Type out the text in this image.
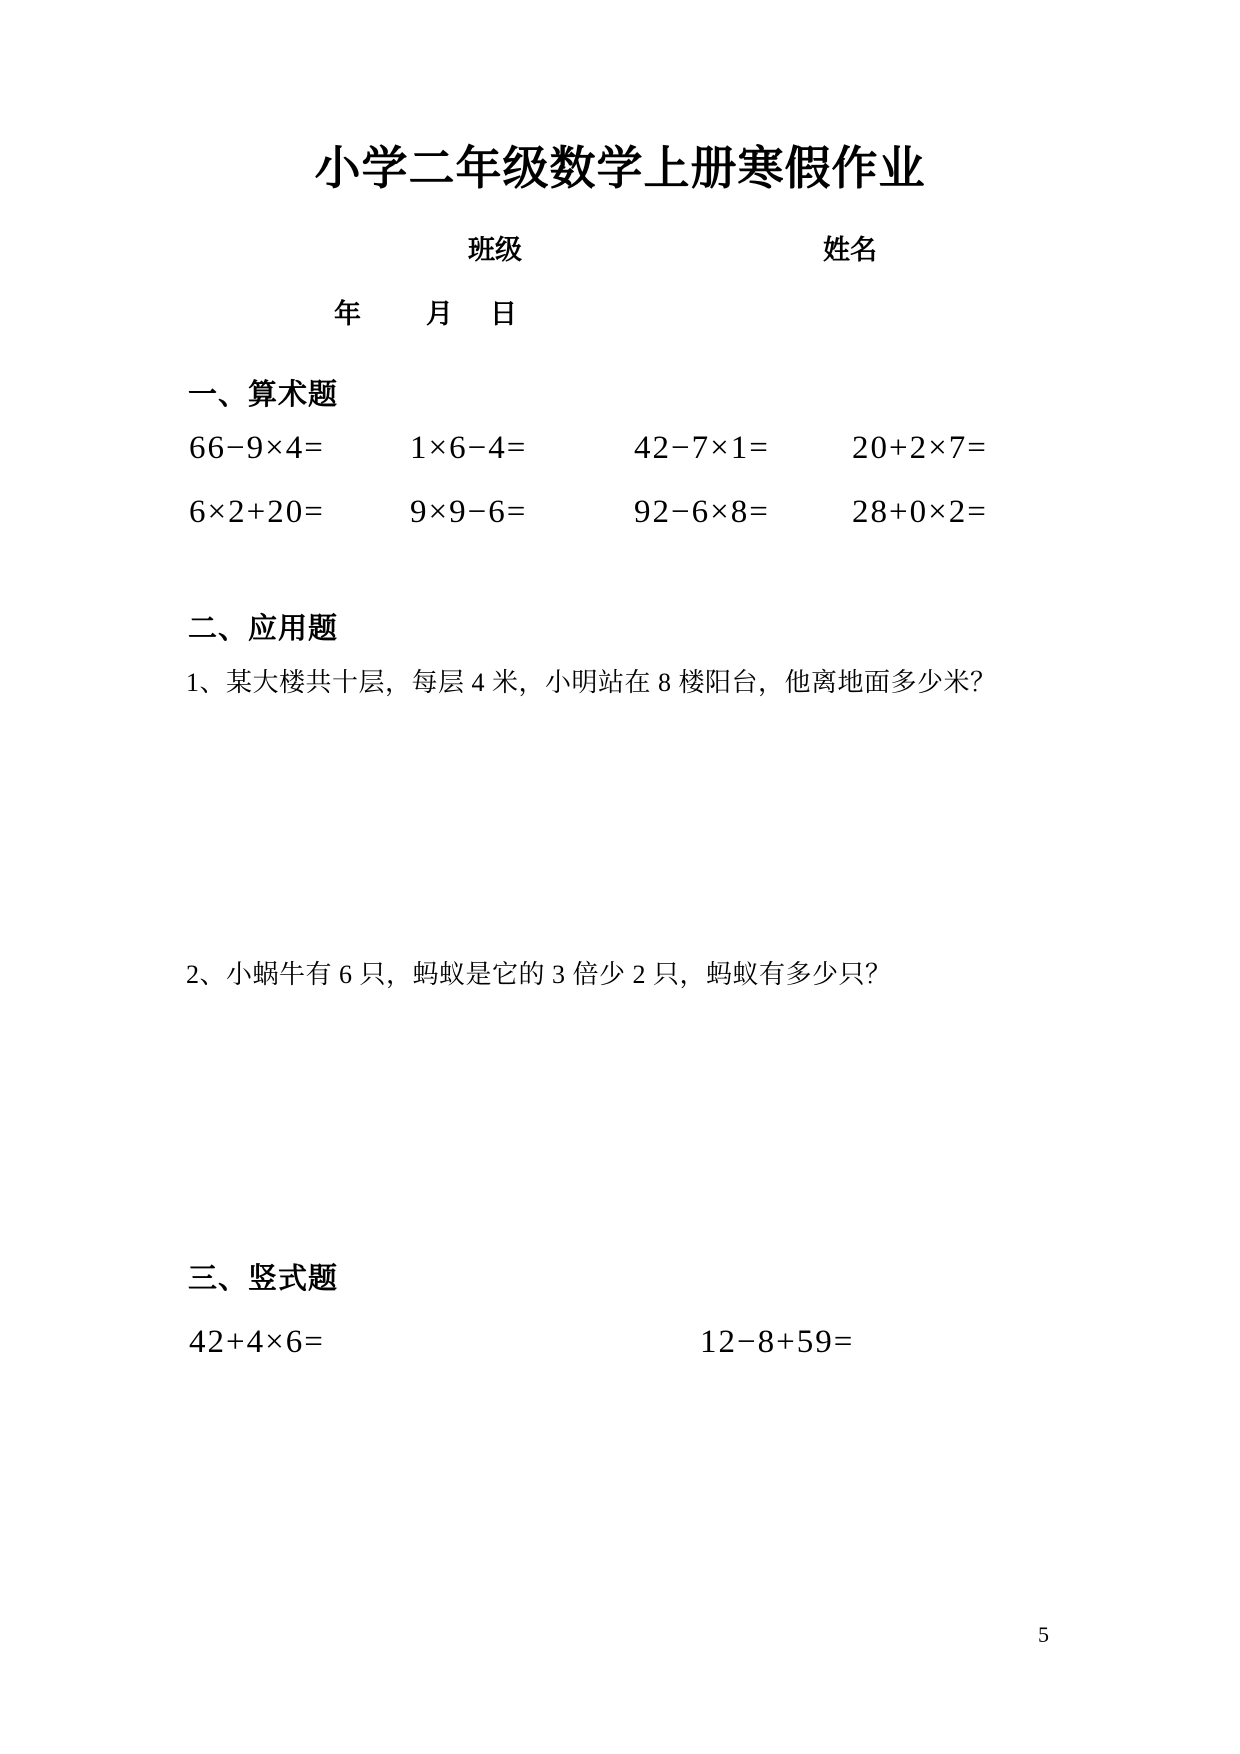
小学二年级数学上册寒假作业
班级	姓名
年 月 日
一、算术题
66−9×4=	1×6−4=	42−7×1= 20+2×7=
6×2+20=	9×9−6=	92−6×8= 28+0×2=
二、应用题
1、某大楼共十层，每层 4 米，小明站在 8 楼阳台，他离地面多少米？
2、小蜗牛有 6 只，蚂蚁是它的 3 倍少 2 只，蚂蚁有多少只？
三、竖式题
42+4×6=	12−8+59=
5
